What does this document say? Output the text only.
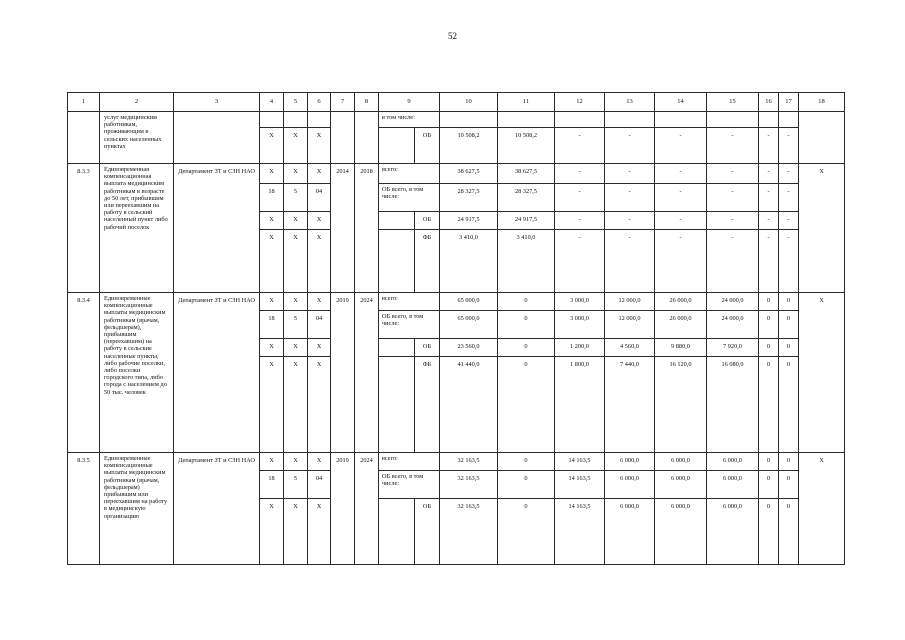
52
1	2	3	4	5	6	7	8	9		10	11	12	13	14	15	16	17	18
	услуг медицинским работникам, проживающим в сельских населенных пунктах							в том числе:										
			X	X	X				ОБ	10 508,2	10 508,2	-	-	-	-	-	-	
8.3.3	Единовременная компенсационная выплата медицинским работникам в возрасте до 50 лет, прибывшим или переехавшим на работу в сельский населенный пункт либо рабочий поселок	Департамент ЗТ и СЗН НАО	X	X	X	2014	2018	всего:		38 627,5	38 627,5	-	-	-	-	-	-	X
			18	5	04			ОБ всего, в том числе:		28 327,5	28 327,5	-	-	-	-	-	-	
			X	X	X				ОБ	24 917,5	24 917,5	-	-	-	-	-	-	
			X	X	X				ФБ	3 410,0	3 410,0	-	-	-	-	-	-	
8.3.4	Единовременные компенсационные выплаты медицинским работникам (врачам, фельдшерам), прибывшим (переехавшим) на работу в сельские населенные пункты, либо рабочие поселки, либо поселки городского типа, либо города с населением до 50 тыс. человек	Департамент ЗТ и СЗН НАО	X	X	X	2019	2024	всего:		65 000,0	0	3 000,0	12 000,0	26 000,0	24 000,0	0	0	X
			18	5	04			ОБ всего, в том числе:		65 000,0	0	3 000,0	12 000,0	26 000,0	24 000,0	0	0	
			X	X	X				ОБ	23 560,0	0	1 200,0	4 560,0	9 880,0	7 920,0	0	0	
			X	X	X				ФБ	41 440,0	0	1 800,0	7 440,0	16 120,0	16 080,0	0	0	
8.3.5	Единовременные компенсационные выплаты медицинским работникам (врачам, фельдшерам) прибывшим или переехавшим на работу в медицинскую организацию	Департамент ЗТ и СЗН НАО	X	X	X	2019	2024	всего:		32 163,5	0	14 163,5	6 000,0	6 000,0	6 000,0	0	0	X
			18	5	04			ОБ всего, в том числе:		32 163,5	0	14 163,5	6 000,0	6 000,0	6 000,0	0	0	
			X	X	X				ОБ	32 163,5	0	14 163,5	6 000,0	6 000,0	6 000,0	0	0	
